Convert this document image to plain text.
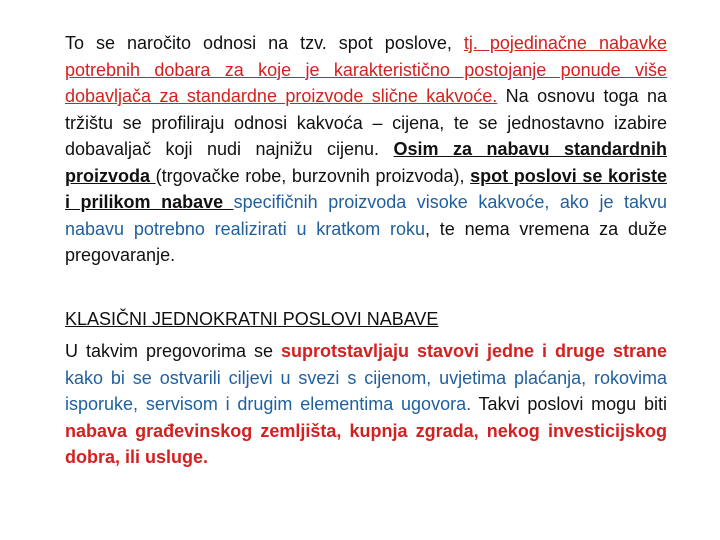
To se naročito odnosi na tzv. spot poslove, tj. pojedinačne nabavke potrebnih dobara za koje je karakteristično postojanje ponude više dobavljača za standardne proizvode slične kakvoće. Na osnovu toga na tržištu se profiliraju odnosi kakvoća – cijena, te se jednostavno izabire dobavaljač koji nudi najnižu cijenu. Osim za nabavu standardnih proizvoda (trgovačke robe, burzovnih proizvoda), spot poslovi se koriste i prilikom nabave specifičnih proizvoda visoke kakvoće, ako je takvu nabavu potrebno realizirati u kratkom roku, te nema vremena za duže pregovaranje.

KLASIČNI JEDNOKRATNI POSLOVI NABAVE

U takvim pregovorima se suprotstavljaju stavovi jedne i druge strane kako bi se ostvarili ciljevi u svezi s cijenom, uvjetima plaćanja, rokovima isporuke, servisom i drugim elementima ugovora. Takvi poslovi mogu biti nabava građevinskog zemljišta, kupnja zgrada, nekog investicijskog dobra, ili usluge.
